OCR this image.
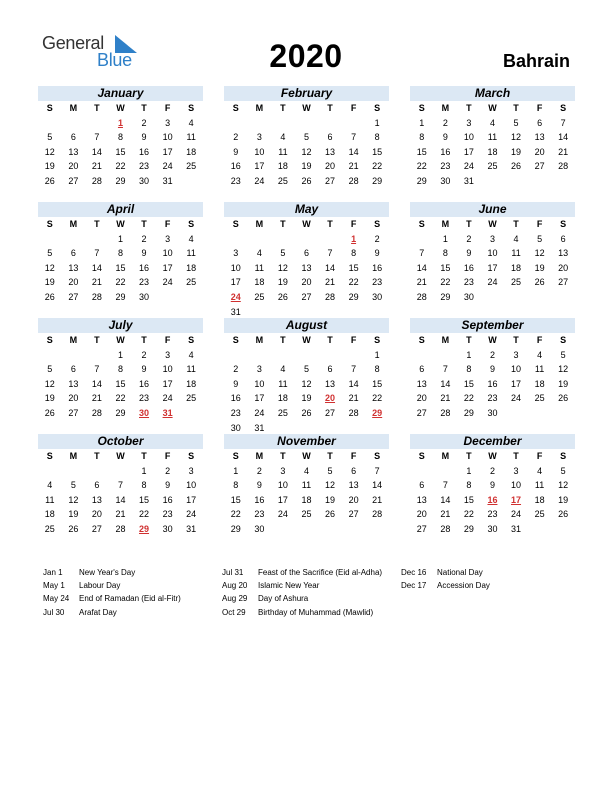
General
Blue	2020	Bahrain
January
S	M	T	W	T	F	S
			1	2	3	4
5	6	7	8	9	10	11
12	13	14	15	16	17	18
19	20	21	22	23	24	25
26	27	28	29	30	31	
February
S	M	T	W	T	F	S
						1
2	3	4	5	6	7	8
9	10	11	12	13	14	15
16	17	18	19	20	21	22
23	24	25	26	27	28	29
March
S	M	T	W	T	F	S
1	2	3	4	5	6	7
8	9	10	11	12	13	14
15	16	17	18	19	20	21
22	23	24	25	26	27	28
29	30	31				
April
S	M	T	W	T	F	S
			1	2	3	4
5	6	7	8	9	10	11
12	13	14	15	16	17	18
19	20	21	22	23	24	25
26	27	28	29	30		
May
S	M	T	W	T	F	S
					1	2
3	4	5	6	7	8	9
10	11	12	13	14	15	16
17	18	19	20	21	22	23
24	25	26	27	28	29	30
31						
June
S	M	T	W	T	F	S
	1	2	3	4	5	6
7	8	9	10	11	12	13
14	15	16	17	18	19	20
21	22	23	24	25	26	27
28	29	30				
July
S	M	T	W	T	F	S
			1	2	3	4
5	6	7	8	9	10	11
12	13	14	15	16	17	18
19	20	21	22	23	24	25
26	27	28	29	30	31	
August
S	M	T	W	T	F	S
						1
2	3	4	5	6	7	8
9	10	11	12	13	14	15
16	17	18	19	20	21	22
23	24	25	26	27	28	29
30	31					
September
S	M	T	W	T	F	S
		1	2	3	4	5
6	7	8	9	10	11	12
13	14	15	16	17	18	19
20	21	22	23	24	25	26
27	28	29	30			
October
S	M	T	W	T	F	S
				1	2	3
4	5	6	7	8	9	10
11	12	13	14	15	16	17
18	19	20	21	22	23	24
25	26	27	28	29	30	31
November
S	M	T	W	T	F	S
1	2	3	4	5	6	7
8	9	10	11	12	13	14
15	16	17	18	19	20	21
22	23	24	25	26	27	28
29	30					
December
S	M	T	W	T	F	S
		1	2	3	4	5
6	7	8	9	10	11	12
13	14	15	16	17	18	19
20	21	22	23	24	25	26
27	28	29	30	31		
Jan 1 New Year's Day
May 1 Labour Day
May 24 End of Ramadan (Eid al-Fitr)
Jul 30 Arafat Day
Jul 31 Feast of the Sacrifice (Eid al-Adha)
Aug 20 Islamic New Year
Aug 29 Day of Ashura
Oct 29 Birthday of Muhammad (Mawlid)
Dec 16 National Day
Dec 17 Accession Day
